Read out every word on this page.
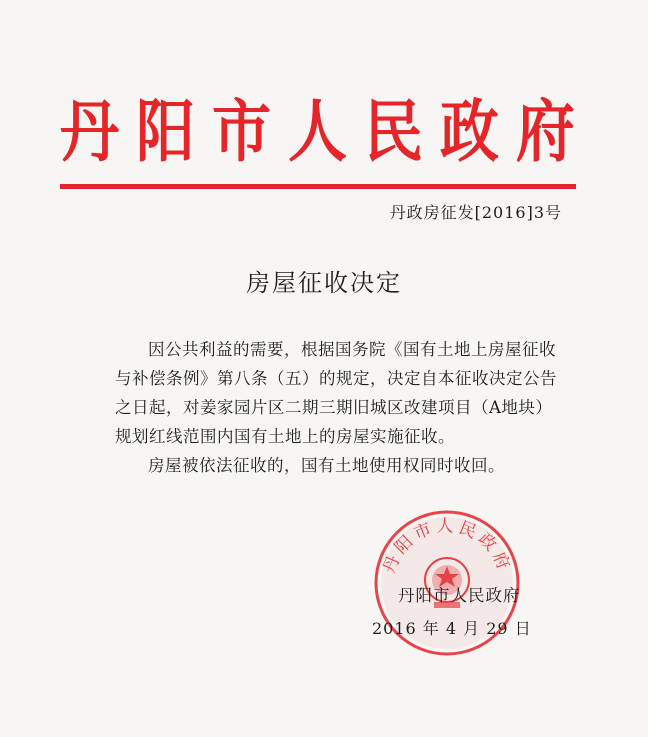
丹 阳 市 人 民 政 府
丹政房征发[2016]3号
房屋征收决定
因公共利益的需要，根据国务院《国有土地上房屋征收
与补偿条例》第八条（五）的规定，决定自本征收决定公告
之日起，对姜家园片区二期三期旧城区改建项目（A地块）
规划红线范围内国有土地上的房屋实施征收。
房屋被依法征收的，国有土地使用权同时收回。
丹阳市人民政府
丹阳市人民政府
2016 年 4 月 29 日
